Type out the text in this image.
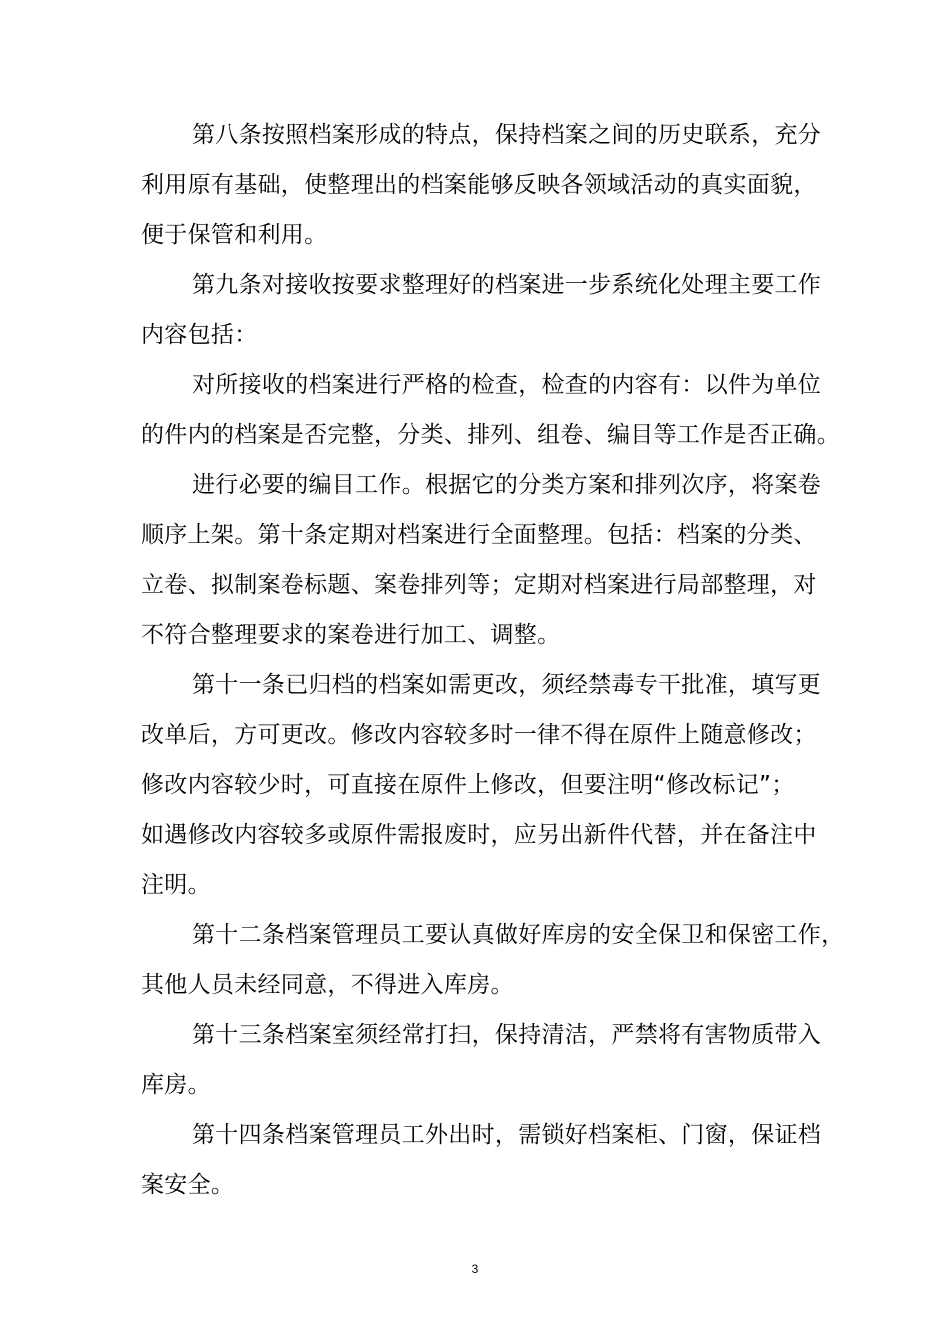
第八条按照档案形成的特点，保持档案之间的历史联系，充分
利用原有基础，使整理出的档案能够反映各领域活动的真实面貌，
便于保管和利用。
第九条对接收按要求整理好的档案进一步系统化处理主要工作
内容包括：
对所接收的档案进行严格的检查，检查的内容有：以件为单位
的件内的档案是否完整，分类、排列、组卷、编目等工作是否正确。
进行必要的编目工作。根据它的分类方案和排列次序，将案卷
顺序上架。第十条定期对档案进行全面整理。包括：档案的分类、
立卷、拟制案卷标题、案卷排列等；定期对档案进行局部整理，对
不符合整理要求的案卷进行加工、调整。
第十一条已归档的档案如需更改，须经禁毒专干批准，填写更
改单后，方可更改。修改内容较多时一律不得在原件上随意修改；
修改内容较少时，可直接在原件上修改，但要注明“修改标记”；
如遇修改内容较多或原件需报废时，应另出新件代替，并在备注中
注明。
第十二条档案管理员工要认真做好库房的安全保卫和保密工作，
其他人员未经同意，不得进入库房。
第十三条档案室须经常打扫，保持清洁，严禁将有害物质带入
库房。
第十四条档案管理员工外出时，需锁好档案柜、门窗，保证档
案安全。
3
